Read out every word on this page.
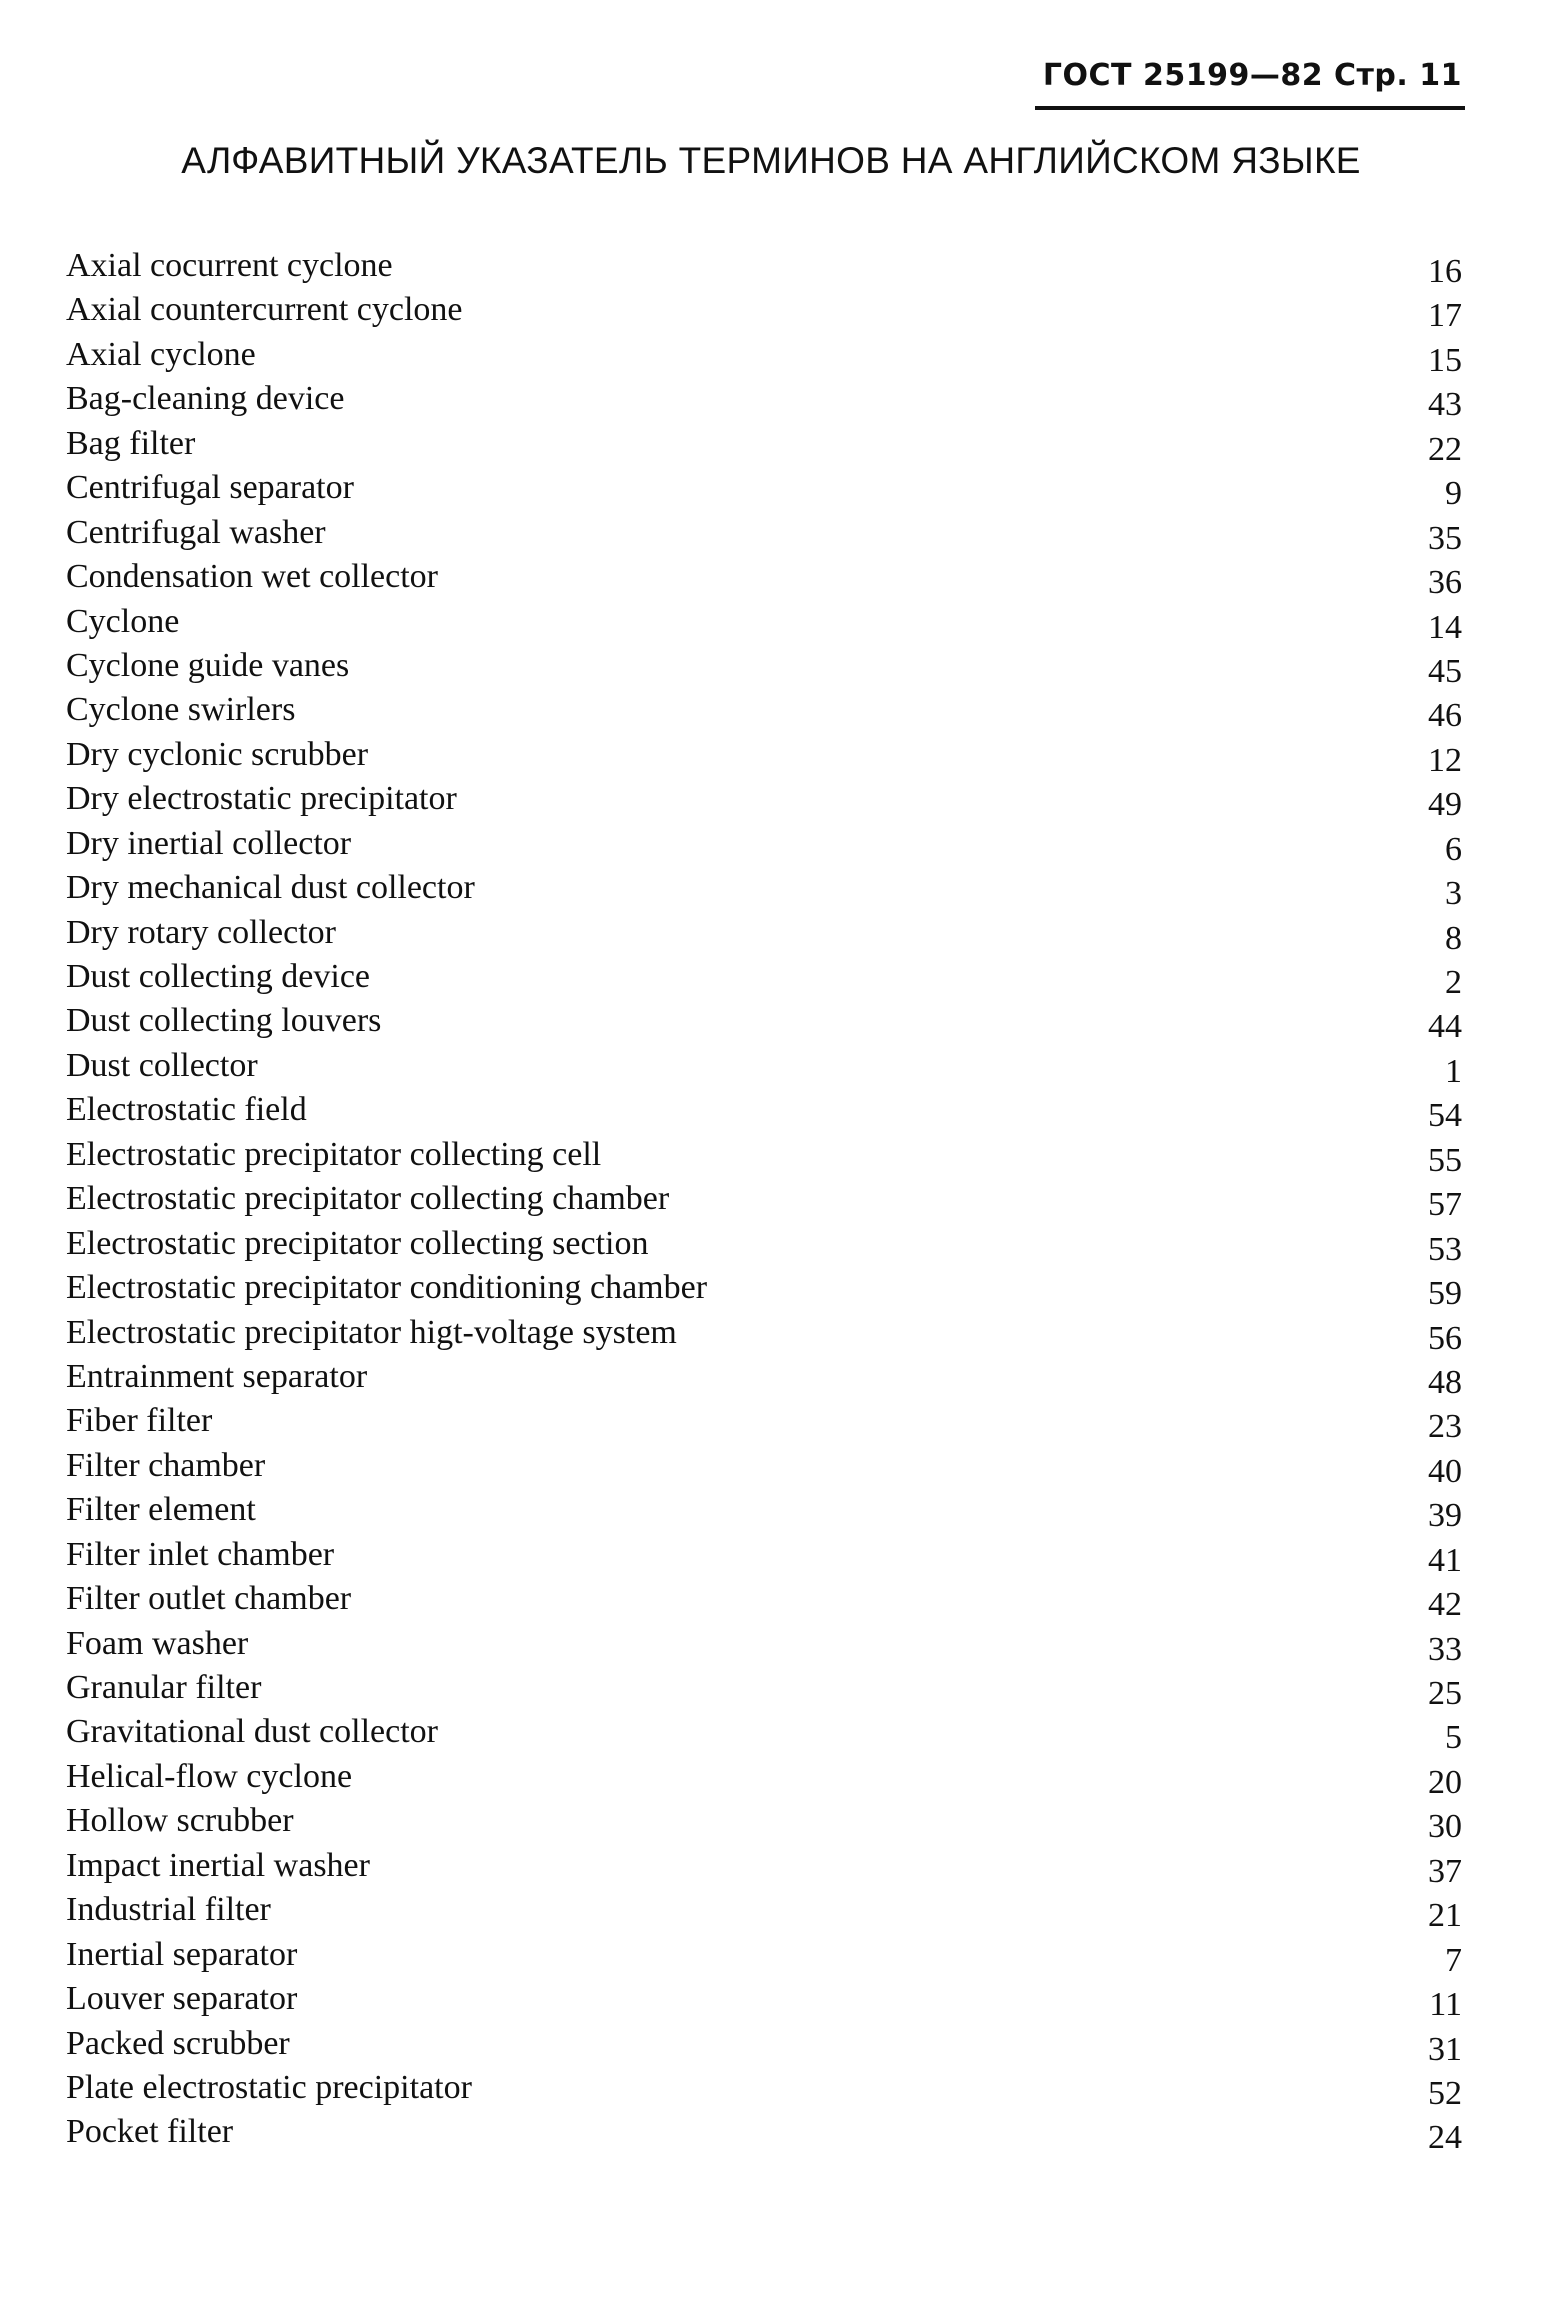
ГОСТ 25199—82 Стр. 11
АЛФАВИТНЫЙ УКАЗАТЕЛЬ ТЕРМИНОВ НА АНГЛИЙСКОМ ЯЗЫКЕ
Axial cocurrent cyclone	16
Axial countercurrent cyclone	17
Axial cyclone	15
Bag-cleaning device	43
Bag filter	22
Centrifugal separator	9
Centrifugal washer	35
Condensation wet collector	36
Cyclone	14
Cyclone guide vanes	45
Cyclone swirlers	46
Dry cyclonic scrubber	12
Dry electrostatic precipitator	49
Dry inertial collector	6
Dry mechanical dust collector	3
Dry rotary collector	8
Dust collecting device	2
Dust collecting louvers	44
Dust collector	1
Electrostatic field	54
Electrostatic precipitator collecting cell	55
Electrostatic precipitator collecting chamber	57
Electrostatic precipitator collecting section	53
Electrostatic precipitator conditioning chamber	59
Electrostatic precipitator higt-voltage system	56
Entrainment separator	48
Fiber filter	23
Filter chamber	40
Filter element	39
Filter inlet chamber	41
Filter outlet chamber	42
Foam washer	33
Granular filter	25
Gravitational dust collector	5
Helical-flow cyclone	20
Hollow scrubber	30
Impact inertial washer	37
Industrial filter	21
Inertial separator	7
Louver separator	11
Packed scrubber	31
Plate electrostatic precipitator	52
Pocket filter	24
